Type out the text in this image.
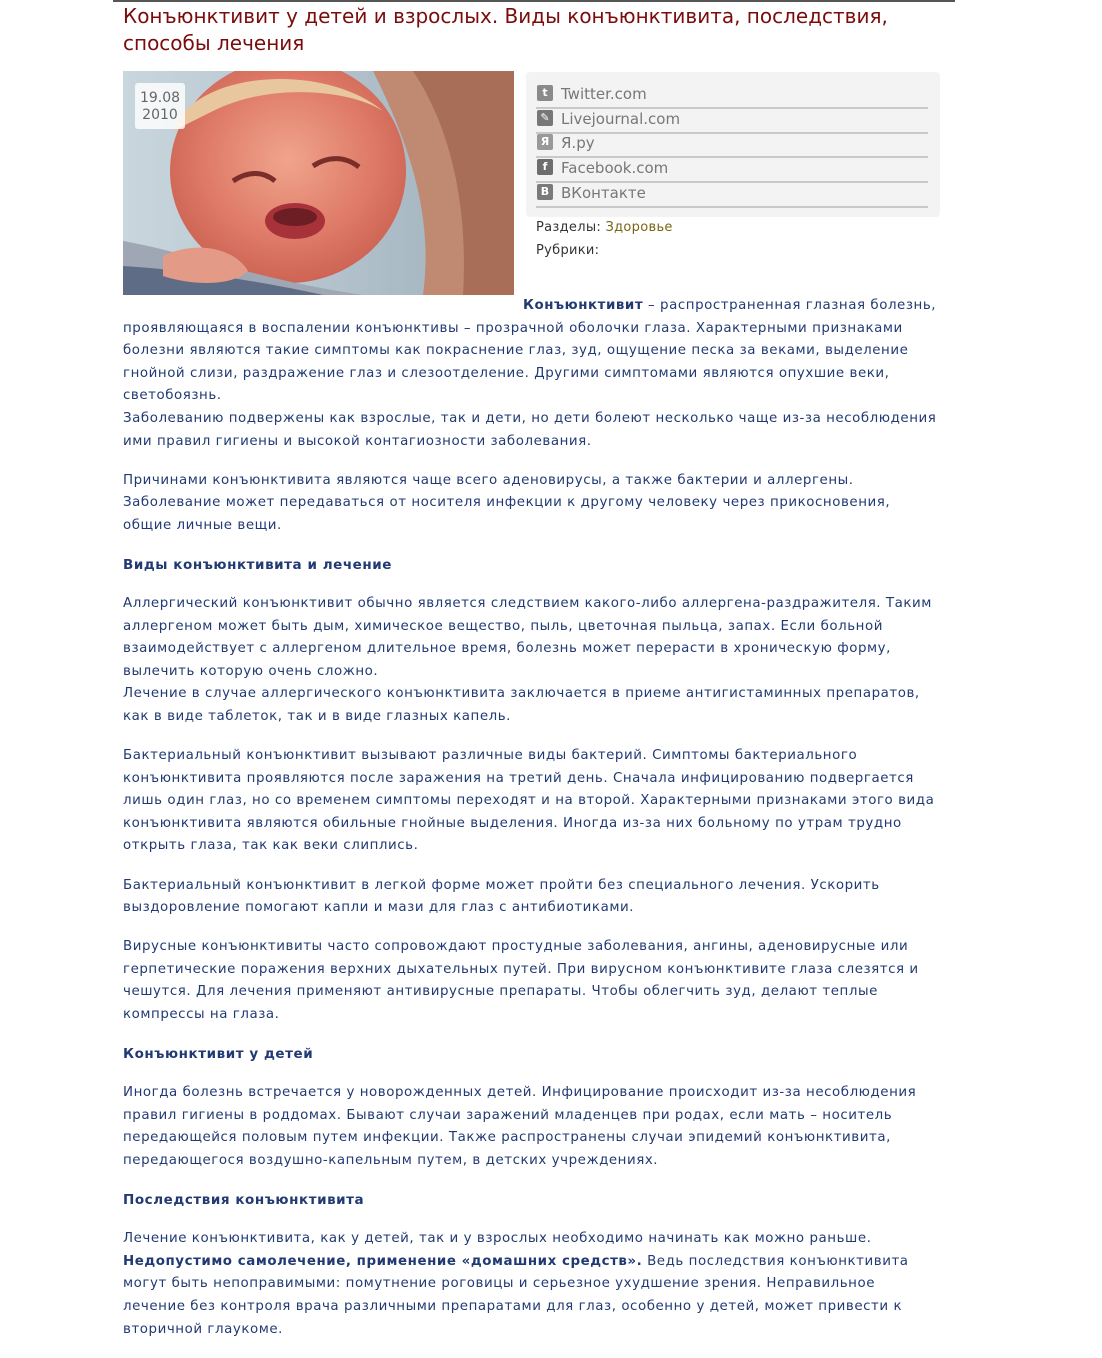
Конъюнктивит у детей и взрослых. Виды конъюнктивита, последствия, способы лечения
19.08
2010
t Twitter.com
✎ Livejournal.com
Я Я.ру
f Facebook.com
B ВКонтакте
Разделы: Здоровье
Рубрики:

Конъюнктивит – распространенная глазная болезнь, проявляющаяся в воспалении конъюнктивы – прозрачной оболочки глаза. Характерными признаками болезни являются такие симптомы как покраснение глаз, зуд, ощущение песка за веками, выделение гнойной слизи, раздражение глаз и слезоотделение. Другими симптомами являются опухшие веки, светобоязнь.
Заболеванию подвержены как взрослые, так и дети, но дети болеют несколько чаще из-за несоблюдения ими правил гигиены и высокой контагиозности заболевания.

Причинами конъюнктивита являются чаще всего аденовирусы, а также бактерии и аллергены. Заболевание может передаваться от носителя инфекции к другому человеку через прикосновения, общие личные вещи.

Виды конъюнктивита и лечение

Аллергический конъюнктивит обычно является следствием какого-либо аллергена-раздражителя. Таким аллергеном может быть дым, химическое вещество, пыль, цветочная пыльца, запах. Если больной взаимодействует с аллергеном длительное время, болезнь может перерасти в хроническую форму, вылечить которую очень сложно.
Лечение в случае аллергического конъюнктивита заключается в приеме антигистаминных препаратов, как в виде таблеток, так и в виде глазных капель.

Бактериальный конъюнктивит вызывают различные виды бактерий. Симптомы бактериального конъюнктивита проявляются после заражения на третий день. Сначала инфицированию подвергается лишь один глаз, но со временем симптомы переходят и на второй. Характерными признаками этого вида конъюнктивита являются обильные гнойные выделения. Иногда из-за них больному по утрам трудно открыть глаза, так как веки слиплись.

Бактериальный конъюнктивит в легкой форме может пройти без специального лечения. Ускорить выздоровление помогают капли и мази для глаз с антибиотиками.

Вирусные конъюнктивиты часто сопровождают простудные заболевания, ангины, аденовирусные или герпетические поражения верхних дыхательных путей. При вирусном конъюнктивите глаза слезятся и чешутся. Для лечения применяют антивирусные препараты. Чтобы облегчить зуд, делают теплые компрессы на глаза.

Конъюнктивит у детей

Иногда болезнь встречается у новорожденных детей. Инфицирование происходит из-за несоблюдения правил гигиены в роддомах. Бывают случаи заражений младенцев при родах, если мать – носитель передающейся половым путем инфекции. Также распространены случаи эпидемий конъюнктивита, передающегося воздушно-капельным путем, в детских учреждениях.

Последствия конъюнктивита

Лечение конъюнктивита, как у детей, так и у взрослых необходимо начинать как можно раньше.
Недопустимо самолечение, применение «домашних средств». Ведь последствия конъюнктивита могут быть непоправимыми: помутнение роговицы и серьезное ухудшение зрения. Неправильное лечение без контроля врача различными препаратами для глаз, особенно у детей, может привести к вторичной глаукоме.
